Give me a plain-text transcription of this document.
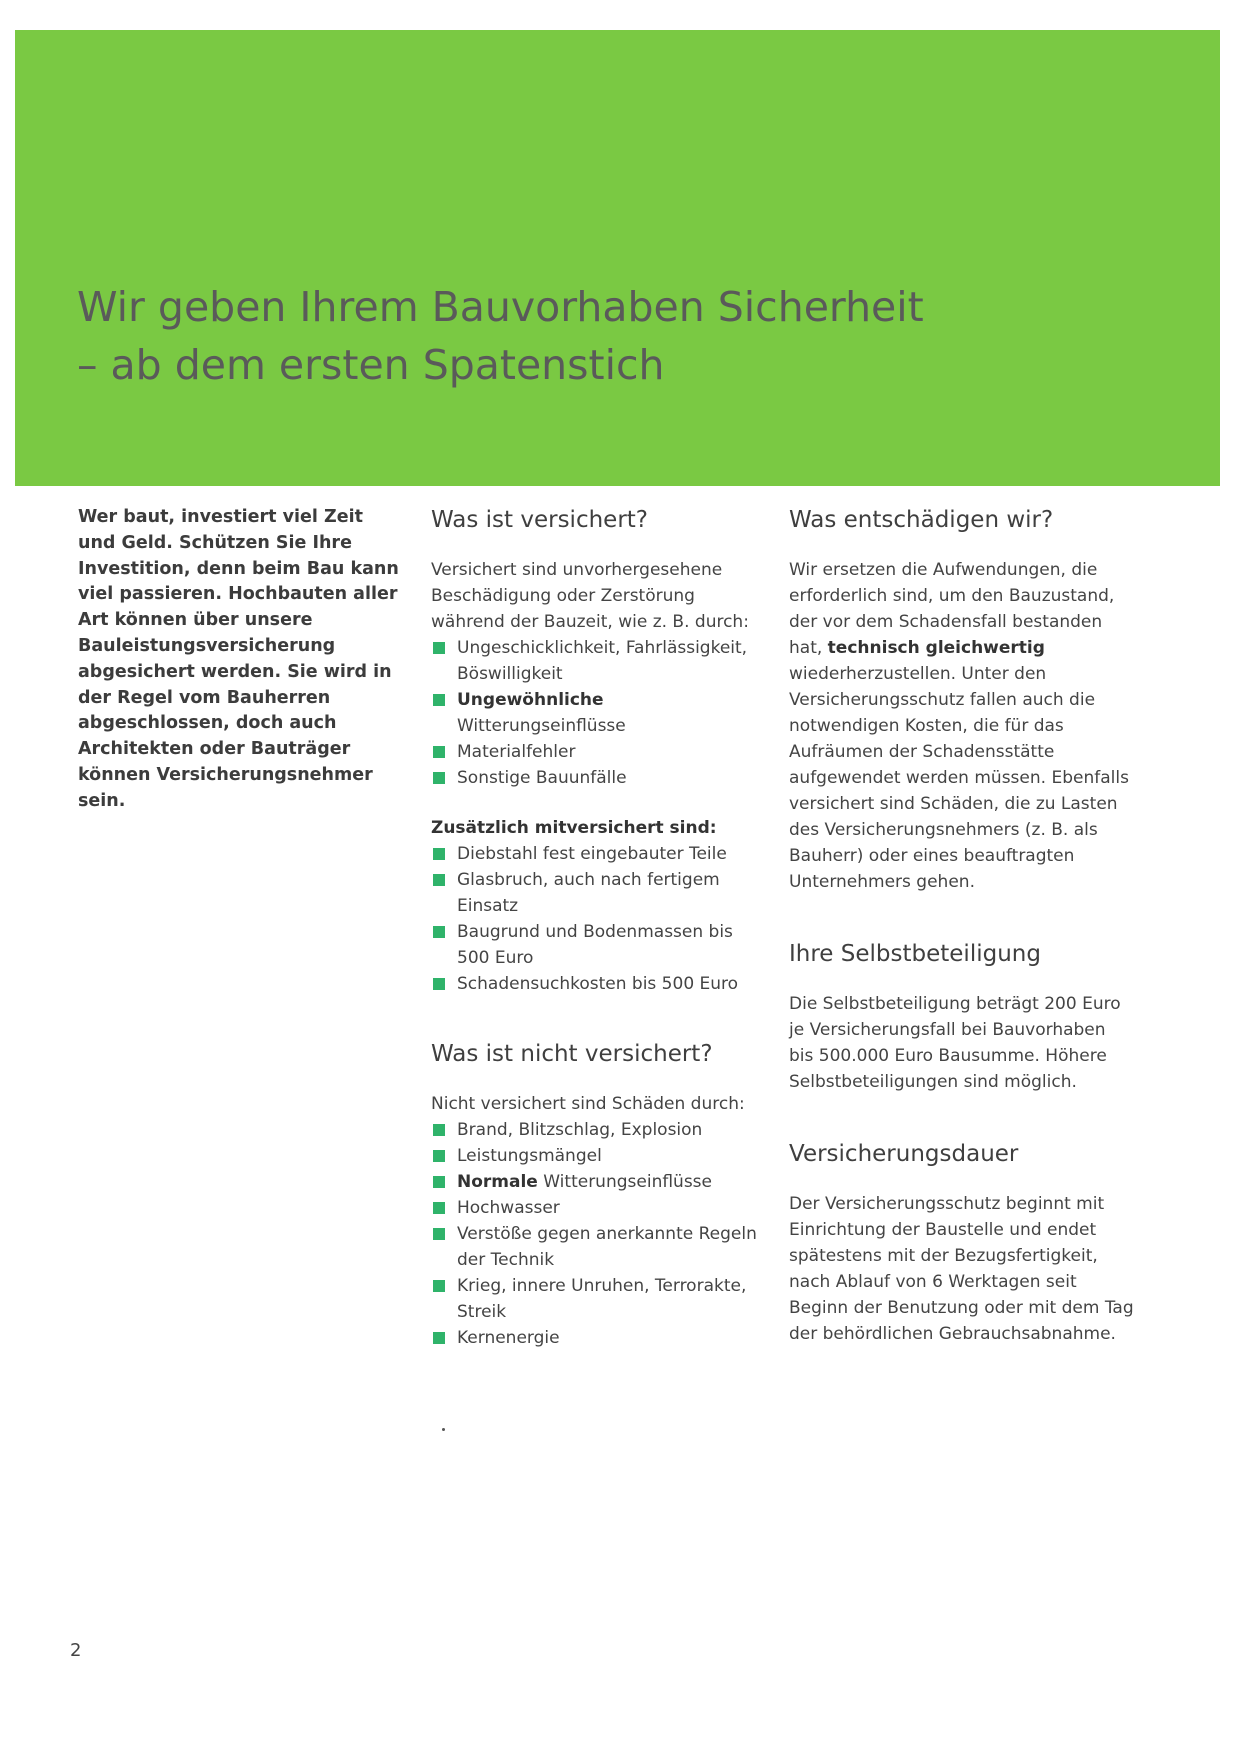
Wir geben Ihrem Bauvorhaben Sicherheit
– ab dem ersten Spatenstich

Wer baut, investiert viel Zeit und Geld. Schützen Sie Ihre Investition, denn beim Bau kann viel passieren. Hochbauten aller Art können über unsere Bauleistungsversicherung abgesichert werden. Sie wird in der Regel vom Bauherren abgeschlossen, doch auch Architekten oder Bauträger können Versicherungsnehmer sein.

Was ist versichert?

Versichert sind unvorhergesehene Beschädigung oder Zerstörung während der Bauzeit, wie z. B. durch:

Ungeschicklichkeit, Fahrlässigkeit, Böswilligkeit
Ungewöhnliche Witterungseinflüsse
Materialfehler
Sonstige Bauunfälle

Zusätzlich mitversichert sind:

Diebstahl fest eingebauter Teile
Glasbruch, auch nach fertigem Einsatz
Baugrund und Bodenmassen bis 500 Euro
Schadensuchkosten bis 500 Euro
Was ist nicht versichert?

Nicht versichert sind Schäden durch:

Brand, Blitzschlag, Explosion
Leistungsmängel
Normale Witterungseinflüsse
Hochwasser
Verstöße gegen anerkannte Regeln der Technik
Krieg, innere Unruhen, Terrorakte, Streik
Kernenergie
Was entschädigen wir?

Wir ersetzen die Aufwendungen, die erforderlich sind, um den Bauzustand, der vor dem Schadensfall bestanden hat, technisch gleichwertig wiederherzustellen. Unter den Versicherungsschutz fallen auch die notwendigen Kosten, die für das Aufräumen der Schadensstätte aufgewendet werden müssen. Ebenfalls versichert sind Schäden, die zu Lasten des Versicherungsnehmers (z. B. als Bauherr) oder eines beauftragten Unternehmers gehen.

Ihre Selbstbeteiligung

Die Selbstbeteiligung beträgt 200 Euro je Versicherungsfall bei Bauvorhaben bis 500.000 Euro Bausumme. Höhere Selbstbeteiligungen sind möglich.

Versicherungsdauer

Der Versicherungsschutz beginnt mit Einrichtung der Baustelle und endet spätestens mit der Bezugsfertigkeit, nach Ablauf von 6 Werktagen seit Beginn der Benutzung oder mit dem Tag der behördlichen Gebrauchsabnahme.

2
